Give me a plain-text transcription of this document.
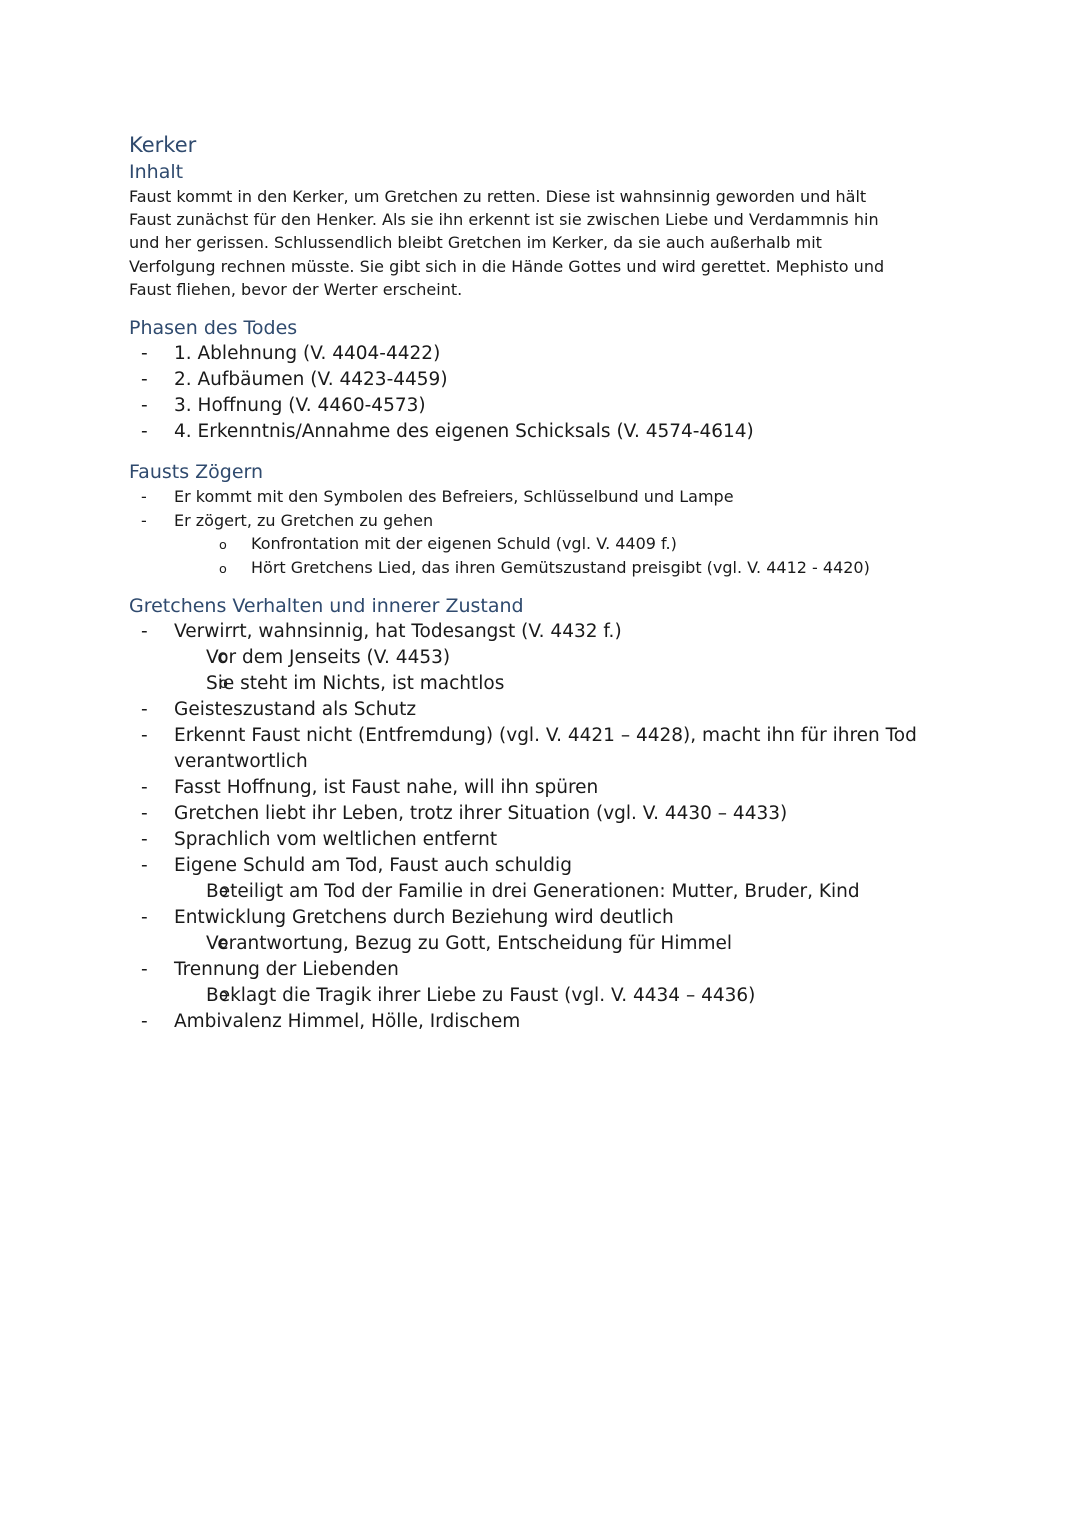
Kerker
Inhalt
Faust kommt in den Kerker, um Gretchen zu retten. Diese ist wahnsinnig geworden und hält
Faust zunächst für den Henker. Als sie ihn erkennt ist sie zwischen Liebe und Verdammnis hin
und her gerissen. Schlussendlich bleibt Gretchen im Kerker, da sie auch außerhalb mit
Verfolgung rechnen müsste. Sie gibt sich in die Hände Gottes und wird gerettet. Mephisto und
Faust fliehen, bevor der Werter erscheint.
Phasen des Todes
- 1. Ablehnung (V. 4404-4422)
- 2. Aufbäumen (V. 4423-4459)
- 3. Hoffnung (V. 4460-4573)
- 4. Erkenntnis/Annahme des eigenen Schicksals (V. 4574-4614)
Fausts Zögern
- Er kommt mit den Symbolen des Befreiers, Schlüsselbund und Lampe
- Er zögert, zu Gretchen zu gehen
o Konfrontation mit der eigenen Schuld (vgl. V. 4409 f.)
o Hört Gretchens Lied, das ihren Gemütszustand preisgibt (vgl. V. 4412 - 4420)
Gretchens Verhalten und innerer Zustand
- Verwirrt, wahnsinnig, hat Todesangst (V. 4432 f.)
o Vor dem Jenseits (V. 4453)
o Sie steht im Nichts, ist machtlos
- Geisteszustand als Schutz
- Erkennt Faust nicht (Entfremdung) (vgl. V. 4421 – 4428), macht ihn für ihren Tod
verantwortlich
- Fasst Hoffnung, ist Faust nahe, will ihn spüren
- Gretchen liebt ihr Leben, trotz ihrer Situation (vgl. V. 4430 – 4433)
- Sprachlich vom weltlichen entfernt
- Eigene Schuld am Tod, Faust auch schuldig
o Beteiligt am Tod der Familie in drei Generationen: Mutter, Bruder, Kind
- Entwicklung Gretchens durch Beziehung wird deutlich
o Verantwortung, Bezug zu Gott, Entscheidung für Himmel
- Trennung der Liebenden
o Beklagt die Tragik ihrer Liebe zu Faust (vgl. V. 4434 – 4436)
- Ambivalenz Himmel, Hölle, Irdischem
